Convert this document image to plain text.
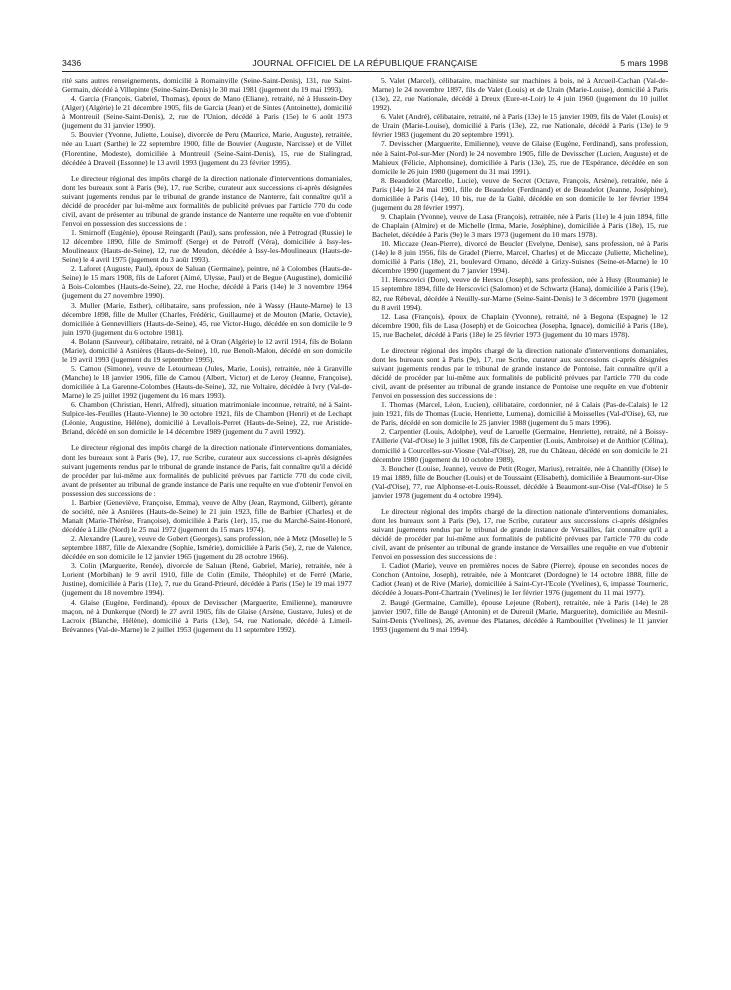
3436	JOURNAL OFFICIEL DE LA RÉPUBLIQUE FRANÇAISE	5 mars 1998

rité sans autres renseignements, domicilié à Romainville (Seine-Saint-Denis), 131, rue Saint-Germain, décédé à Villepinte (Seine-Saint-Denis) le 30 mai 1981 (jugement du 19 mai 1993).

4. Garcia (François, Gabriel, Thomas), époux de Mano (Eliane), retraité, né à Hussein-Dey (Alger) (Algérie) le 21 décembre 1905, fils de Garcia (Jean) et de Sintes (Antoinette), domicilié à Montreuil (Seine-Saint-Denis), 2, rue de l'Union, décédé à Paris (15e) le 6 août 1973 (jugement du 31 janvier 1990).

5. Bouvier (Yvonne, Juliette, Louise), divorcée de Peru (Maurice, Marie, Auguste), retraitée, née au Luart (Sarthe) le 22 septembre 1900, fille de Bouvier (Auguste, Narcisse) et de Villet (Florentine, Modeste), domiciliée à Montreuil (Seine-Saint-Denis), 15, rue de Stalingrad, décédée à Draveil (Essonne) le 13 avril 1993 (jugement du 23 février 1995).

Le directeur régional des impôts chargé de la direction nationale d'interventions domaniales, dont les bureaux sont à Paris (9e), 17, rue Scribe, curateur aux successions ci-après désignées suivant jugements rendus par le tribunal de grande instance de Nanterre, fait connaître qu'il a décidé de procéder par lui-même aux formalités de publicité prévues par l'article 770 du code civil, avant de présenter au tribunal de grande instance de Nanterre une requête en vue d'obtenir l'envoi en possession des successions de :

1. Smirnoff (Eugénie), épouse Reingardt (Paul), sans profession, née à Petrograd (Russie) le 12 décembre 1890, fille de Smirnoff (Serge) et de Petroff (Véra), domiciliée à Issy-les-Moulineaux (Hauts-de-Seine), 12, rue de Meudon, décédée à Issy-les-Moulineaux (Hauts-de-Seine) le 4 avril 1975 (jugement du 3 août 1993).

2. Laforet (Auguste, Paul), époux de Saluan (Germaine), peintre, né à Colombes (Hauts-de-Seine) le 15 mars 1908, fils de Laforet (Aimé, Ulysse, Paul) et de Begue (Augustine), domicilié à Bois-Colombes (Hauts-de-Seine), 22, rue Hoche, décédé à Paris (14e) le 3 novembre 1964 (jugement du 27 novembre 1990).

3. Muller (Marie, Esther), célibataire, sans profession, née à Wassy (Haute-Marne) le 13 décembre 1898, fille de Muller (Charles, Frédéric, Guillaume) et de Mouton (Marie, Octavie), domiciliée à Gennevilliers (Hauts-de-Seine), 45, rue Victor-Hugo, décédée en son domicile le 9 juin 1970 (jugement du 6 octobre 1981).

4. Bolann (Sauveur), célibataire, retraité, né à Oran (Algérie) le 12 avril 1914, fils de Bolann (Marie), domicilié à Asnières (Hauts-de-Seine), 10, rue Benoît-Malon, décédé en son domicile le 19 avril 1993 (jugement du 19 septembre 1995).

5. Camou (Simone), veuve de Letourneau (Jules, Marie, Louis), retraitée, née à Granville (Manche) le 18 janvier 1906, fille de Camou (Albert, Victor) et de Leroy (Jeanne, Françoise), domiciliée à La Garenne-Colombes (Hauts-de-Seine), 32, rue Voltaire, décédée à Ivry (Val-de-Marne) le 25 juillet 1992 (jugement du 16 mars 1993).

6. Chambon (Christian, Henri, Alfred), situation matrimoniale inconnue, retraité, né à Saint-Sulpice-les-Feuilles (Haute-Vienne) le 30 octobre 1921, fils de Chambon (Henri) et de Lechapt (Léonie, Augustine, Hélène), domicilié à Levallois-Perret (Hauts-de-Seine), 22, rue Aristide-Briand, décédé en son domicile le 14 décembre 1989 (jugement du 7 avril 1992).

Le directeur régional des impôts chargé de la direction nationale d'interventions domaniales, dont les bureaux sont à Paris (9e), 17, rue Scribe, curateur aux successions ci-après désignées suivant jugements rendus par le tribunal de grande instance de Paris, fait connaître qu'il a décidé de procéder par lui-même aux formalités de publicité prévues par l'article 770 du code civil, avant de présenter au tribunal de grande instance de Paris une requête en vue d'obtenir l'envoi en possession des successions de :

1. Barbier (Geneviève, Françoise, Emma), veuve de Alby (Jean, Raymond, Gilbert), gérante de société, née à Asnières (Hauts-de-Seine) le 21 juin 1923, fille de Barbier (Charles) et de Manalt (Marie-Thérèse, Françoise), domiciliée à Paris (1er), 15, rue du Marché-Saint-Honoré, décédée à Lille (Nord) le 25 mai 1972 (jugement du 15 mars 1974).

2. Alexandre (Laure), veuve de Gobert (Georges), sans profession, née à Metz (Moselle) le 5 septembre 1887, fille de Alexandre (Sophie, Ismérie), domiciliée à Paris (5e), 2, rue de Valence, décédée en son domicile le 12 janvier 1965 (jugement du 28 octobre 1966).

3. Colin (Marguerite, Renée), divorcée de Saluan (René, Gabriel, Marie), retraitée, née à Lorient (Morbihan) le 9 avril 1910, fille de Colin (Emile, Théophile) et de Ferré (Marie, Justine), domiciliée à Paris (11e), 7, rue du Grand-Prieuré, décédée à Paris (15e) le 19 mai 1977 (jugement du 18 novembre 1994).

4. Glaise (Eugène, Ferdinand), époux de Devisscher (Marguerite, Emilienne), manœuvre maçon, né à Dunkerque (Nord) le 27 avril 1905, fils de Glaise (Arsène, Gustave, Jules) et de Lacroix (Blanche, Hélène), domicilié à Paris (13e), 54, rue Nationale, décédé à Limeil-Brévannes (Val-de-Marne) le 2 juillet 1953 (jugement du 11 septembre 1992).

5. Valet (Marcel), célibataire, machiniste sur machines à bois, né à Arcueil-Cachan (Val-de-Marne) le 24 novembre 1897, fils de Valet (Louis) et de Urain (Marie-Louise), domicilié à Paris (13e), 22, rue Nationale, décédé à Dreux (Eure-et-Loir) le 4 juin 1960 (jugement du 10 juillet 1992).

6. Valet (André), célibataire, retraité, né à Paris (13e) le 15 janvier 1909, fils de Valet (Louis) et de Urain (Marie-Louise), domicilié à Paris (13e), 22, rue Nationale, décédé à Paris (13e) le 9 février 1983 (jugement du 20 septembre 1991).

7. Devisscher (Marguerite, Emilienne), veuve de Glaise (Eugène, Ferdinand), sans profession, née à Saint-Pol-sur-Mer (Nord) le 24 novembre 1905, fille de Devisscher (Lucien, Auguste) et de Mahieux (Félicie, Alphonsine), domiciliée à Paris (13e), 25, rue de l'Espérance, décédée en son domicile le 26 juin 1980 (jugement du 31 mai 1991).

8. Beaudelot (Marcelle, Lucie), veuve de Secret (Octave, François, Arsène), retraitée, née à Paris (14e) le 24 mai 1901, fille de Beaudelot (Ferdinand) et de Beaudelot (Jeanne, Joséphine), domiciliée à Paris (14e), 10 bis, rue de la Gaîté, décédée en son domicile le 1er février 1994 (jugement du 28 février 1997).

9. Chaplain (Yvonne), veuve de Lasa (François), retraitée, née à Paris (11e) le 4 juin 1894, fille de Chaplain (Almire) et de Michelle (Irma, Marie, Joséphine), domiciliée à Paris (18e), 15, rue Bachelet, décédée à Paris (9e) le 3 mars 1973 (jugement du 10 mars 1978).

10. Miccaze (Jean-Pierre), divorcé de Beucler (Evelyne, Denise), sans profession, né à Paris (14e) le 8 juin 1956, fils de Gradel (Pierre, Marcel, Charles) et de Miccaze (Juliette, Micheline), domicilié à Paris (18e), 21, boulevard Ornano, décédé à Grizy-Suisnes (Seine-et-Marne) le 10 décembre 1990 (jugement du 7 janvier 1994).

11. Herscovici (Dore), veuve de Herscu (Joseph), sans profession, née à Husy (Roumanie) le 15 septembre 1894, fille de Herscovici (Salomon) et de Schwartz (Hana), domiciliée à Paris (19e), 82, rue Rébeval, décédée à Neuilly-sur-Marne (Seine-Saint-Denis) le 3 décembre 1970 (jugement du 8 avril 1994).

12. Lasa (François), époux de Chaplain (Yvonne), retraité, né à Begona (Espagne) le 12 décembre 1900, fils de Lasa (Joseph) et de Goicochea (Josepha, Ignace), domicilié à Paris (18e), 15, rue Bachelet, décédé à Paris (18e) le 25 février 1973 (jugement du 10 mars 1978).

Le directeur régional des impôts chargé de la direction nationale d'interventions domaniales, dont les bureaux sont à Paris (9e), 17, rue Scribe, curateur aux successions ci-après désignées suivant jugements rendus par le tribunal de grande instance de Pontoise, fait connaître qu'il a décidé de procéder par lui-même aux formalités de publicité prévues par l'article 770 du code civil, avant de présenter au tribunal de grande instance de Pontoise une requête en vue d'obtenir l'envoi en possession des successions de :

1. Thomas (Marcel, Léon, Lucien), célibataire, cordonnier, né à Calais (Pas-de-Calais) le 12 juin 1921, fils de Thomas (Lucie, Henriette, Lumena), domicilié à Moisselles (Val-d'Oise), 63, rue de Paris, décédé en son domicile le 25 janvier 1988 (jugement du 5 mars 1996).

2. Carpentier (Louis, Adolphe), veuf de Laruelle (Germaine, Henriette), retraité, né à Boissy-l'Aillerie (Val-d'Oise) le 3 juillet 1908, fils de Carpentier (Louis, Ambroise) et de Anthior (Célina), domicilié à Courcelles-sur-Viosne (Val-d'Oise), 28, rue du Château, décédé en son domicile le 21 décembre 1980 (jugement du 10 octobre 1989).

3. Boucher (Louise, Jeanne), veuve de Petit (Roger, Marius), retraitée, née à Chantilly (Oise) le 19 mai 1889, fille de Boucher (Louis) et de Toussaint (Elisabeth), domiciliée à Beaumont-sur-Oise (Val-d'Oise), 77, rue Alphonse-et-Louis-Roussel, décédée à Beaumont-sur-Oise (Val-d'Oise) le 5 janvier 1978 (jugement du 4 octobre 1994).

Le directeur régional des impôts chargé de la direction nationale d'interventions domaniales, dont les bureaux sont à Paris (9e), 17, rue Scribe, curateur aux successions ci-après désignées suivant jugements rendus par le tribunal de grande instance de Versailles, fait connaître qu'il a décidé de procéder par lui-même aux formalités de publicité prévues par l'article 770 du code civil, avant de présenter au tribunal de grande instance de Versailles une requête en vue d'obtenir l'envoi en possession des successions de :

1. Cadiot (Marie), veuve en premières noces de Sabre (Pierre), épouse en secondes noces de Conchon (Antoine, Joseph), retraitée, née à Montcaret (Dordogne) le 14 octobre 1888, fille de Cadiot (Jean) et de Rive (Marie), domiciliée à Saint-Cyr-l'Ecole (Yvelines), 6, impasse Tourneric, décédée à Jouars-Pont-Chartrain (Yvelines) le 1er février 1976 (jugement du 11 mai 1977).

2. Baugé (Germaine, Camille), épouse Lejeune (Robert), retraitée, née à Paris (14e) le 28 janvier 1907, fille de Baugé (Antonin) et de Dureuil (Marie, Marguerite), domiciliée au Mesnil-Saint-Denis (Yvelines), 26, avenue des Platanes, décédée à Rambouillet (Yvelines) le 11 janvier 1993 (jugement du 9 mai 1994).
